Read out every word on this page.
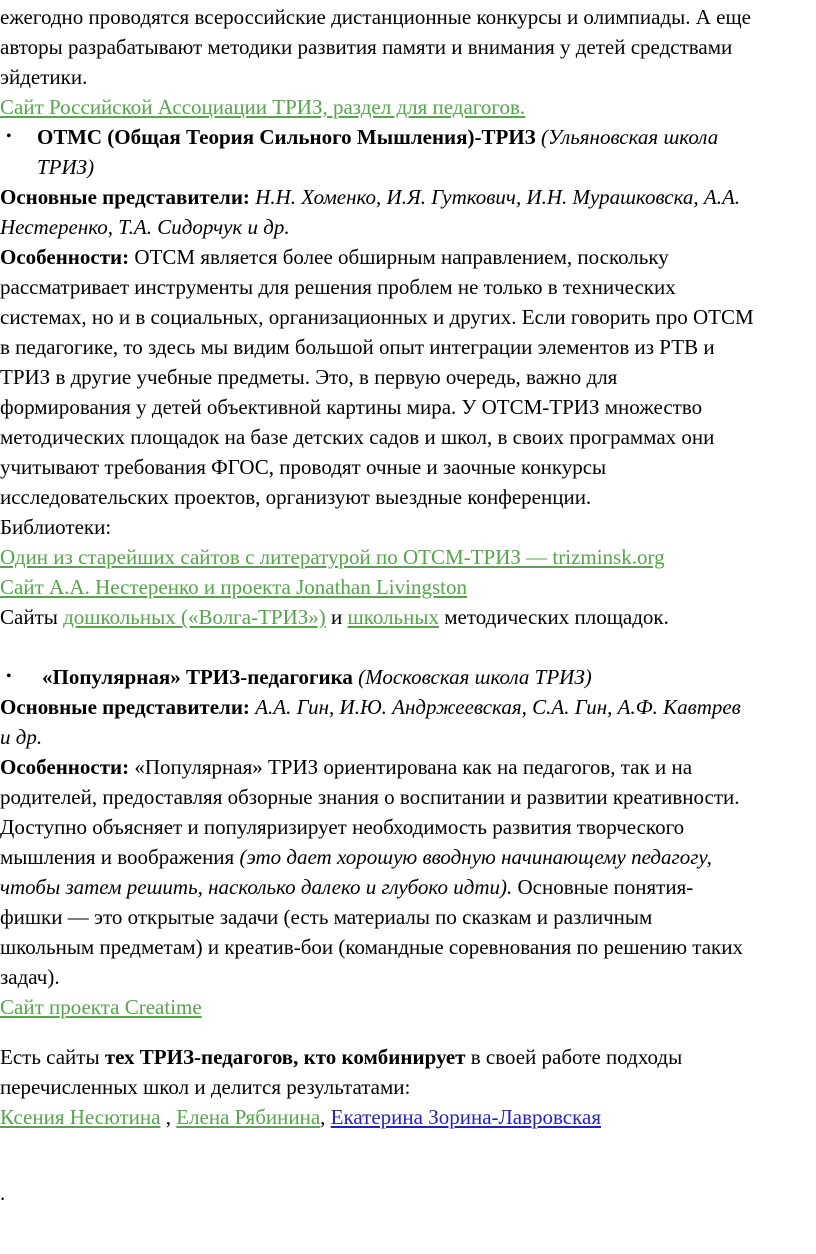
ежегодно проводятся всероссийские дистанционные конкурсы и олимпиады. А еще
авторы разрабатывают методики развития памяти и внимания у детей средствами
эйдетики.
Сайт Российской Ассоциации ТРИЗ, раздел для педагогов.
• ОТМС (Общая Теория Сильного Мышления)-ТРИЗ (Ульяновская школа
ТРИЗ)
Основные представители: Н.Н. Хоменко, И.Я. Гуткович, И.Н. Мурашковска, А.А.
Нестеренко, Т.А. Сидорчук и др.
Особенности: ОТСМ является более обширным направлением, поскольку
рассматривает инструменты для решения проблем не только в технических
системах, но и в социальных, организационных и других. Если говорить про ОТСМ
в педагогике, то здесь мы видим большой опыт интеграции элементов из РТВ и
ТРИЗ в другие учебные предметы. Это, в первую очередь, важно для
формирования у детей объективной картины мира. У ОТСМ-ТРИЗ множество
методических площадок на базе детских садов и школ, в своих программах они
учитывают требования ФГОС, проводят очные и заочные конкурсы
исследовательских проектов, организуют выездные конференции.
Библиотеки:
Один из старейших сайтов с литературой по ОТСМ-ТРИЗ — trizminsk.org
Сайт А.А. Нестеренко и проекта Jonathan Livingston
Сайты дошкольных («Волга-ТРИЗ») и школьных методических площадок.
• «Популярная» ТРИЗ-педагогика (Московская школа ТРИЗ)
Основные представители: А.А. Гин, И.Ю. Андржеевская, С.А. Гин, А.Ф. Кавтрев
и др.
Особенности: «Популярная» ТРИЗ ориентирована как на педагогов, так и на
родителей, предоставляя обзорные знания о воспитании и развитии креативности.
Доступно объясняет и популяризирует необходимость развития творческого
мышления и воображения (это дает хорошую вводную начинающему педагогу,
чтобы затем решить, насколько далеко и глубоко идти). Основные понятия-
фишки — это открытые задачи (есть материалы по сказкам и различным
школьным предметам) и креатив-бои (командные соревнования по решению таких
задач).
Сайт проекта Creatime
Есть сайты тех ТРИЗ-педагогов, кто комбинирует в своей работе подходы
перечисленных школ и делится результатами:
Ксения Несютина , Елена Рябинина, Екатерина Зорина-Лавровская
.
